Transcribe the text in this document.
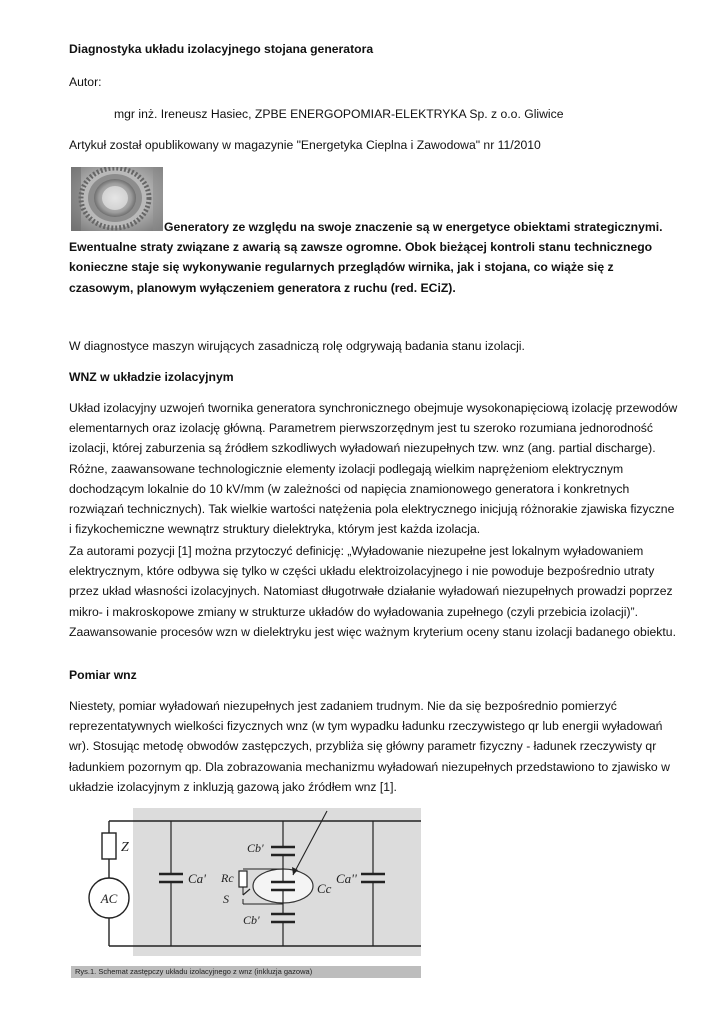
Diagnostyka układu izolacyjnego stojana generatora
Autor:
mgr inż. Ireneusz Hasiec, ZPBE ENERGOPOMIAR-ELEKTRYKA Sp. z o.o. Gliwice
Artykuł został opublikowany w magazynie "Energetyka Cieplna i Zawodowa" nr 11/2010
Generatory ze względu na swoje znaczenie są w energetyce obiektami strategicznymi. Ewentualne straty związane z awarią są zawsze ogromne. Obok bieżącej kontroli stanu technicznego konieczne staje się wykonywanie regularnych przeglądów wirnika, jak i stojana, co wiąże się z czasowym, planowym wyłączeniem generatora z ruchu (red. ECiZ).
W diagnostyce maszyn wirujących zasadniczą rolę odgrywają badania stanu izolacji.
WNZ w układzie izolacyjnym
Układ izolacyjny uzwojeń twornika generatora synchronicznego obejmuje wysokonapięciową izolację przewodów elementarnych oraz izolację główną. Parametrem pierwszorzędnym jest tu szeroko rozumiana jednorodność izolacji, której zaburzenia są źródłem szkodliwych wyładowań niezupełnych tzw. wnz (ang. partial discharge). Różne, zaawansowane technologicznie elementy izolacji podlegają wielkim naprężeniom elektrycznym dochodzącym lokalnie do 10 kV/mm (w zależności od napięcia znamionowego generatora i konkretnych rozwiązań technicznych). Tak wielkie wartości natężenia pola elektrycznego inicjują różnorakie zjawiska fizyczne i fizykochemiczne wewnątrz struktury dielektryka, którym jest każda izolacja.
Za autorami pozycji [1] można przytoczyć definicję: „Wyładowanie niezupełne jest lokalnym wyładowaniem elektrycznym, które odbywa się tylko w części układu elektroizolacyjnego i nie powoduje bezpośrednio utraty przez układ własności izolacyjnych. Natomiast długotrwałe działanie wyładowań niezupełnych prowadzi poprzez mikro- i makroskopowe zmiany w strukturze układów do wyładowania zupełnego (czyli przebicia izolacji)”. Zaawansowanie procesów wzn w dielektryku jest więc ważnym kryterium oceny stanu izolacji badanego obiektu.
Pomiar wnz
Niestety, pomiar wyładowań niezupełnych jest zadaniem trudnym. Nie da się bezpośrednio pomierzyć reprezentatywnych wielkości fizycznych wnz (w tym wypadku ładunku rzeczywistego qr lub energii wyładowań wr). Stosując metodę obwodów zastępczych, przybliża się główny parametr fizyczny - ładunek rzeczywisty qr ładunkiem pozornym qp. Dla zobrazowania mechanizmu wyładowań niezupełnych przedstawiono to zjawisko w układzie izolacyjnym z inkluzją gazową jako źródłem wnz [1].
Z
AC
Ca'
Cb'
Cc
Rc
S
Cb'
Ca''
Rys.1. Schemat zastępczy układu izolacyjnego z wnz (inkluzja gazowa)
